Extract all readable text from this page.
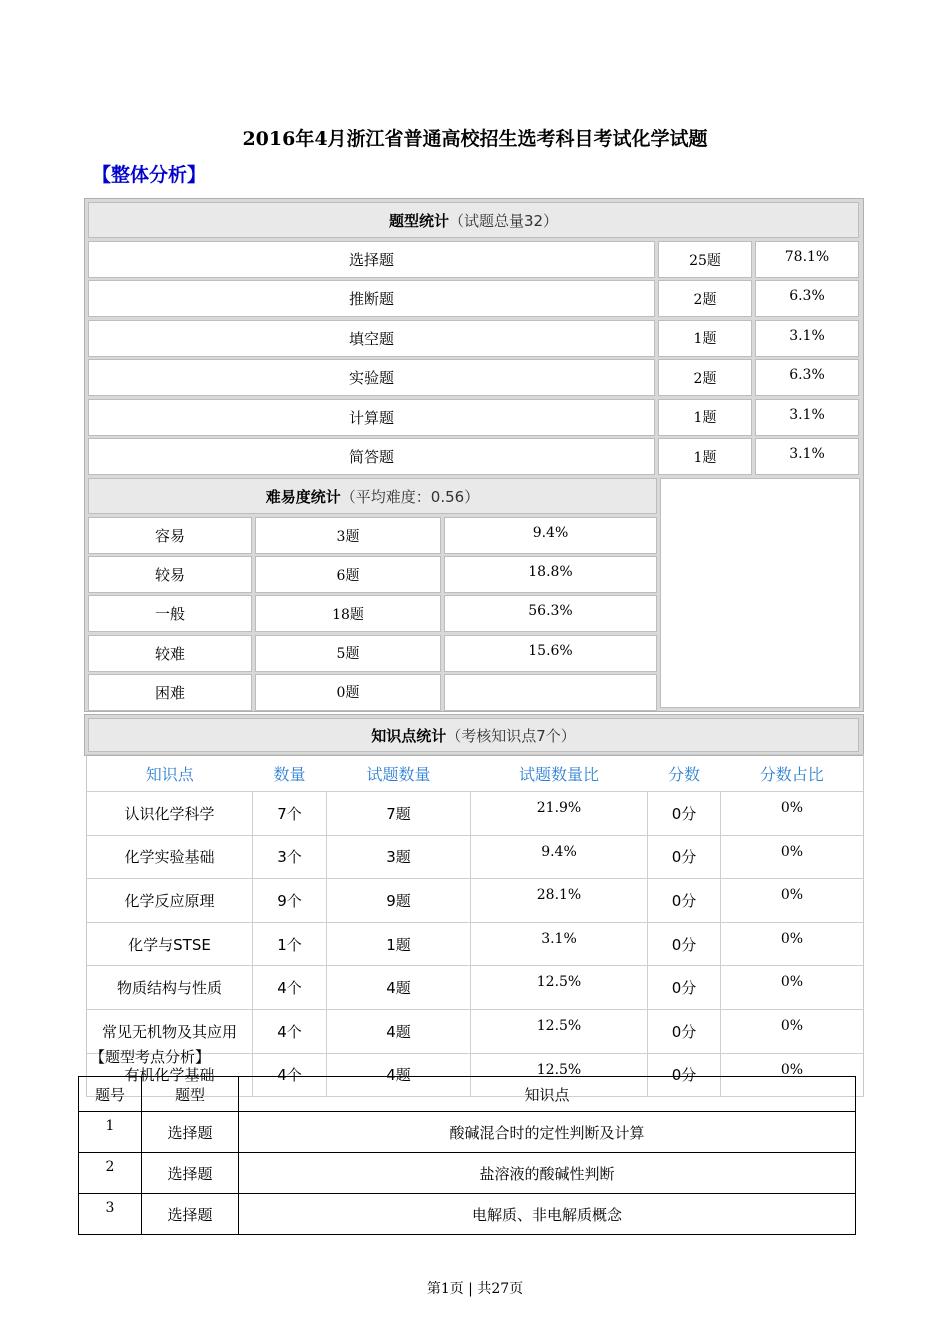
2016年4月浙江省普通高校招生选考科目考试化学试题
【整体分析】
题型统计 （试题总量32）
选择题	25题	78.1%
推断题	2题	6.3%
填空题	1题	3.1%
实验题	2题	6.3%
计算题	1题	3.1%
简答题	1题	3.1%
难易度统计 （平均难度：0.56）
容易	3题	9.4%
较易	6题	18.8%
一般	18题	56.3%
较难	5题	15.6%
困难	0题
知识点统计 （考核知识点7个）
知识点	数量	试题数量	试题数量比	分数	分数占比
认识化学科学	7个	7题	21.9%	0分	0%
化学实验基础	3个	3题	9.4%	0分	0%
化学反应原理	9个	9题	28.1%	0分	0%
化学与STSE	1个	1题	3.1%	0分	0%
物质结构与性质	4个	4题	12.5%	0分	0%
常见无机物及其应用	4个	4题	12.5%	0分	0%
有机化学基础	4个	4题	12.5%	0分	0%
【题型考点分析】
题号	题型	知识点
1	选择题	酸碱混合时的定性判断及计算
2	选择题	盐溶液的酸碱性判断
3	选择题	电解质、非电解质概念
第1页 | 共27页
